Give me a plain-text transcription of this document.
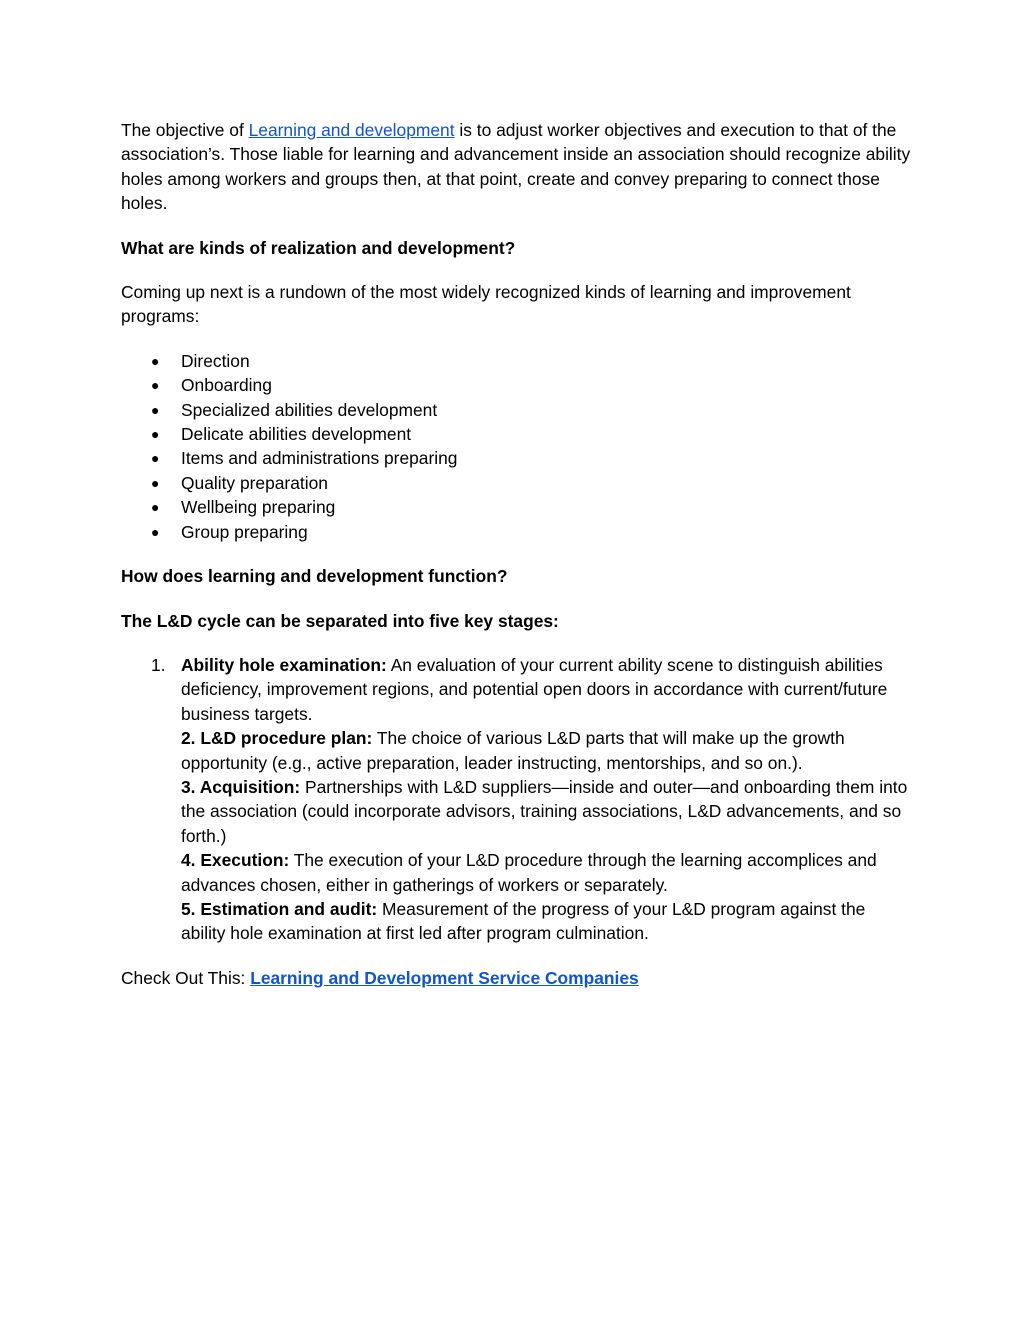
The objective of Learning and development is to adjust worker objectives and execution to that of the association’s. Those liable for learning and advancement inside an association should recognize ability holes among workers and groups then, at that point, create and convey preparing to connect those holes.

What are kinds of realization and development?

Coming up next is a rundown of the most widely recognized kinds of learning and improvement programs:

● Direction
● Onboarding
● Specialized abilities development
● Delicate abilities development
● Items and administrations preparing
● Quality preparation
● Wellbeing preparing
● Group preparing

How does learning and development function?

The L&D cycle can be separated into five key stages:

1. Ability hole examination: An evaluation of your current ability scene to distinguish abilities deficiency, improvement regions, and potential open doors in accordance with current/future business targets.
2. L&D procedure plan: The choice of various L&D parts that will make up the growth opportunity (e.g., active preparation, leader instructing, mentorships, and so on.).
3. Acquisition: Partnerships with L&D suppliers—inside and outer—and onboarding them into the association (could incorporate advisors, training associations, L&D advancements, and so forth.)
4. Execution: The execution of your L&D procedure through the learning accomplices and advances chosen, either in gatherings of workers or separately.
5. Estimation and audit: Measurement of the progress of your L&D program against the ability hole examination at first led after program culmination.

Check Out This: Learning and Development Service Companies
